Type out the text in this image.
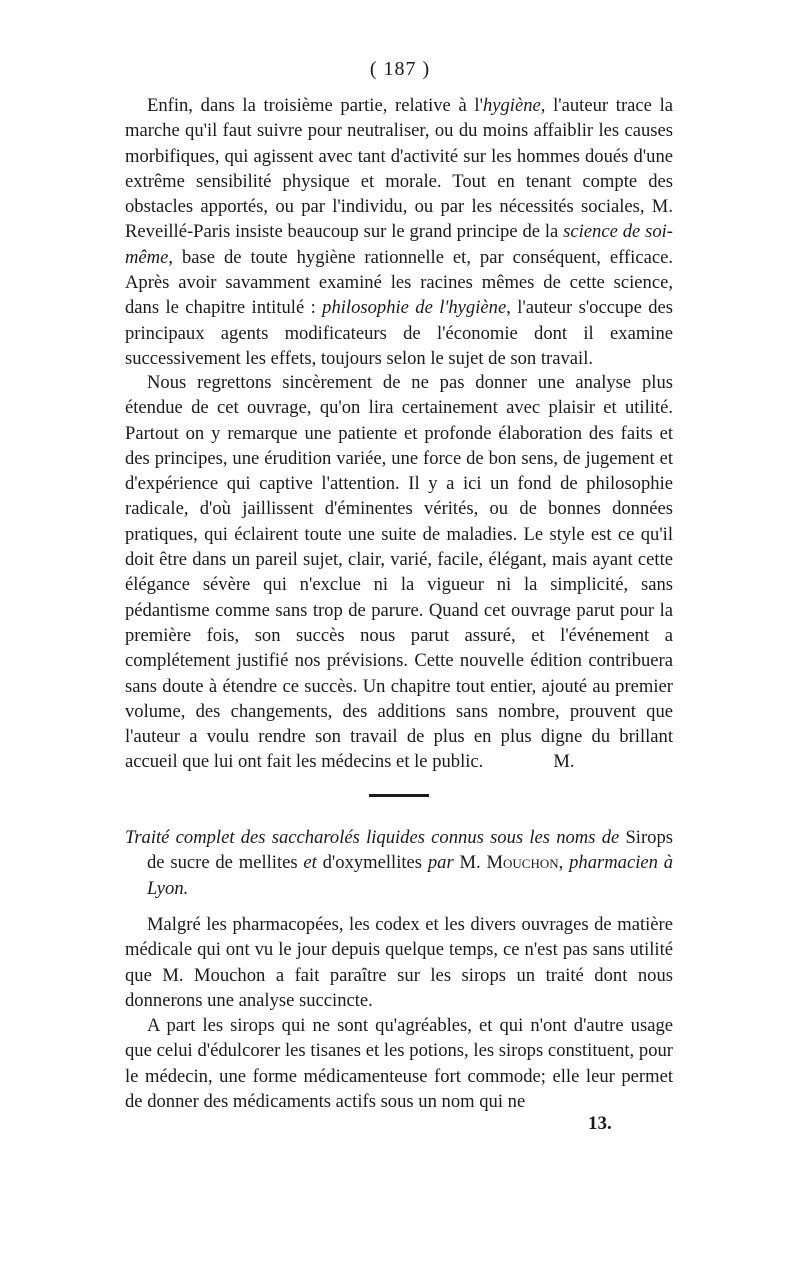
( 187 )

Enfin, dans la troisième partie, relative à l'hygiène, l'auteur trace la marche qu'il faut suivre pour neutraliser, ou du moins affaiblir les causes morbifiques, qui agissent avec tant d'activité sur les hommes doués d'une extrême sensibilité physique et morale. Tout en tenant compte des obstacles apportés, ou par l'individu, ou par les nécessités sociales, M. Reveillé-Paris insiste beaucoup sur le grand principe de la science de soi-même, base de toute hygiène rationnelle et, par conséquent, efficace. Après avoir savamment examiné les racines mêmes de cette science, dans le chapitre intitulé : philosophie de l'hygiène, l'auteur s'occupe des principaux agents modificateurs de l'économie dont il examine successivement les effets, toujours selon le sujet de son travail.

Nous regrettons sincèrement de ne pas donner une analyse plus étendue de cet ouvrage, qu'on lira certainement avec plaisir et utilité. Partout on y remarque une patiente et profonde élaboration des faits et des principes, une érudition variée, une force de bon sens, de jugement et d'expérience qui captive l'attention. Il y a ici un fond de philosophie radicale, d'où jaillissent d'éminentes vérités, ou de bonnes données pratiques, qui éclairent toute une suite de maladies. Le style est ce qu'il doit être dans un pareil sujet, clair, varié, facile, élégant, mais ayant cette élégance sévère qui n'exclue ni la vigueur ni la simplicité, sans pédantisme comme sans trop de parure. Quand cet ouvrage parut pour la première fois, son succès nous parut assuré, et l'événement a complétement justifié nos prévisions. Cette nouvelle édition contribuera sans doute à étendre ce succès. Un chapitre tout entier, ajouté au premier volume, des changements, des additions sans nombre, prouvent que l'auteur a voulu rendre son travail de plus en plus digne du brillant accueil que lui ont fait les médecins et le public.	M.

Traité complet des saccharolés liquides connus sous les noms de Sirops de sucre de mellites et d'oxymellites par M. Mouchon, pharmacien à Lyon.

Malgré les pharmacopées, les codex et les divers ouvrages de matière médicale qui ont vu le jour depuis quelque temps, ce n'est pas sans utilité que M. Mouchon a fait paraître sur les sirops un traité dont nous donnerons une analyse succincte.

A part les sirops qui ne sont qu'agréables, et qui n'ont d'autre usage que celui d'édulcorer les tisanes et les potions, les sirops constituent, pour le médecin, une forme médicamenteuse fort commode; elle leur permet de donner des médicaments actifs sous un nom qui ne

13.
